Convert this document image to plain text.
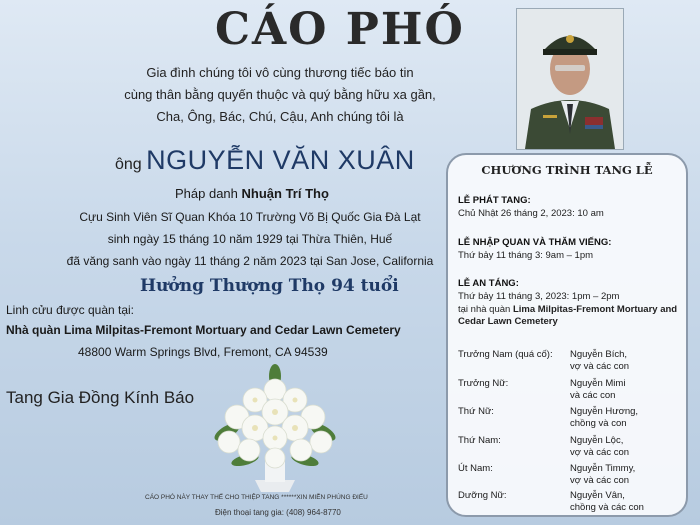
CÁO PHÓ
Gia đình chúng tôi vô cùng thương tiếc báo tin
cùng thân bằng quyến thuộc và quý bằng hữu xa gần,
Cha, Ông, Bác, Chú, Cậu, Anh chúng tôi là
ông NGUYỄN VĂN XUÂN
Pháp danh Nhuận Trí Thọ
Cựu Sinh Viên Sĩ Quan Khóa 10 Trường Võ Bị Quốc Gia Đà Lạt
sinh ngày 15 tháng 10 năm 1929 tại Thừa Thiên, Huế
đã văng sanh vào ngày 11 tháng 2 năm 2023 tại San Jose, California
Hưởng Thượng Thọ 94 tuổi
Linh cửu được quàn tại:
Nhà quàn Lima Milpitas-Fremont Mortuary and Cedar Lawn Cemetery
48800 Warm Springs Blvd, Fremont, CA 94539
Tang Gia Đồng Kính Báo
CÁO PHÓ NÀY THAY THẾ CHO THIỆP TANG ******XIN MIỄN PHÚNG ĐIẾU
Điện thoại tang gia: (408) 964-8770
CHƯƠNG TRÌNH TANG LỄ
LỄ PHÁT TANG:
Chủ Nhật 26 tháng 2, 2023: 10 am
LỄ NHẬP QUAN VÀ THĂM VIẾNG:
Thứ bảy 11 tháng 3: 9am – 1pm
LỄ AN TÁNG:
Thứ bảy 11 tháng 3, 2023: 1pm – 2pm
tại nhà quàn Lima Milpitas-Fremont Mortuary and Cedar Lawn Cemetery
Trưởng Nam (quá cố): Nguyễn Bích,
vợ và các con
Trưởng Nữ:	Nguyễn Mimi
và các con
Thứ Nữ:	Nguyễn Hương,
chồng và con
Thứ Nam:	Nguyễn Lộc,
vợ và các con
Út Nam:	Nguyễn Timmy,
vợ và các con
Dưỡng Nữ:	Nguyễn Vân,
chồng và các con
